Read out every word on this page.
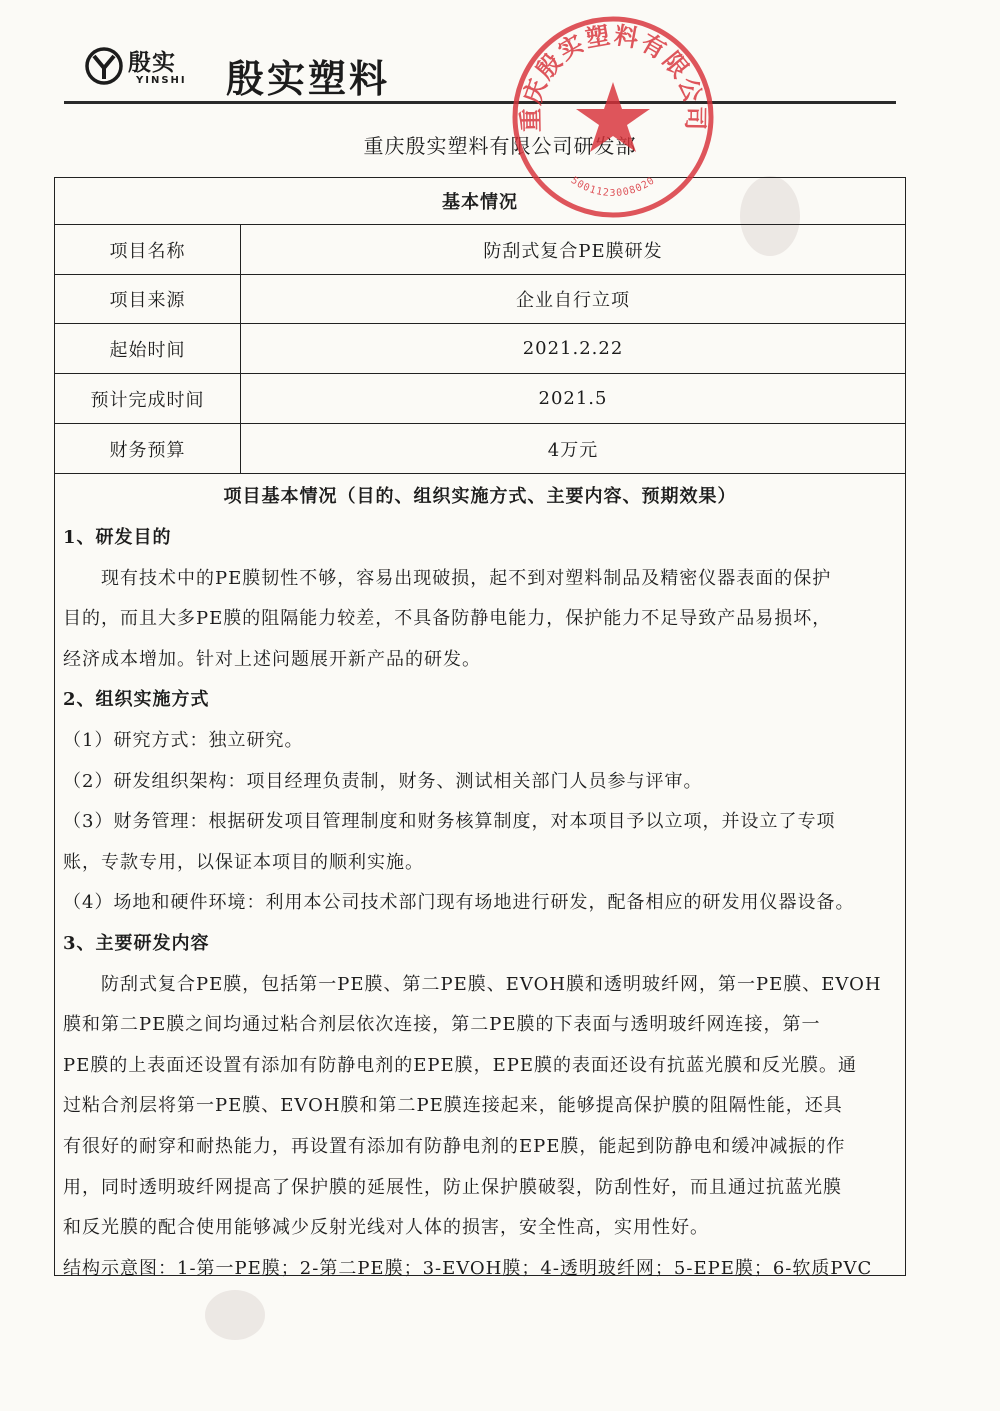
殷实
YINSHI 殷实塑料
重庆殷实塑料有限公司研发部
基本情况
项目名称	防刮式复合PE膜研发
项目来源	企业自行立项
起始时间	2021.2.22
预计完成时间	2021.5
财务预算	4万元
项目基本情况（目的、组织实施方式、主要内容、预期效果）
1、研发目的
现有技术中的PE膜韧性不够，容易出现破损，起不到对塑料制品及精密仪器表面的保护
目的，而且大多PE膜的阻隔能力较差，不具备防静电能力，保护能力不足导致产品易损坏，
经济成本增加。针对上述问题展开新产品的研发。
2、组织实施方式
（1）研究方式：独立研究。
（2）研发组织架构：项目经理负责制，财务、测试相关部门人员参与评审。
（3）财务管理：根据研发项目管理制度和财务核算制度，对本项目予以立项，并设立了专项
账，专款专用，以保证本项目的顺利实施。
（4）场地和硬件环境：利用本公司技术部门现有场地进行研发，配备相应的研发用仪器设备。
3、主要研发内容
防刮式复合PE膜，包括第一PE膜、第二PE膜、EVOH膜和透明玻纤网，第一PE膜、EVOH
膜和第二PE膜之间均通过粘合剂层依次连接，第二PE膜的下表面与透明玻纤网连接，第一
PE膜的上表面还设置有添加有防静电剂的EPE膜，EPE膜的表面还设有抗蓝光膜和反光膜。通
过粘合剂层将第一PE膜、EVOH膜和第二PE膜连接起来，能够提高保护膜的阻隔性能，还具
有很好的耐穿和耐热能力，再设置有添加有防静电剂的EPE膜，能起到防静电和缓冲减振的作
用，同时透明玻纤网提高了保护膜的延展性，防止保护膜破裂，防刮性好，而且通过抗蓝光膜
和反光膜的配合使用能够减少反射光线对人体的损害，安全性高，实用性好。
结构示意图：1-第一PE膜；2-第二PE膜；3-EVOH膜；4-透明玻纤网；5-EPE膜；6-软质PVC
重庆殷实塑料有限公司
5001123008020
